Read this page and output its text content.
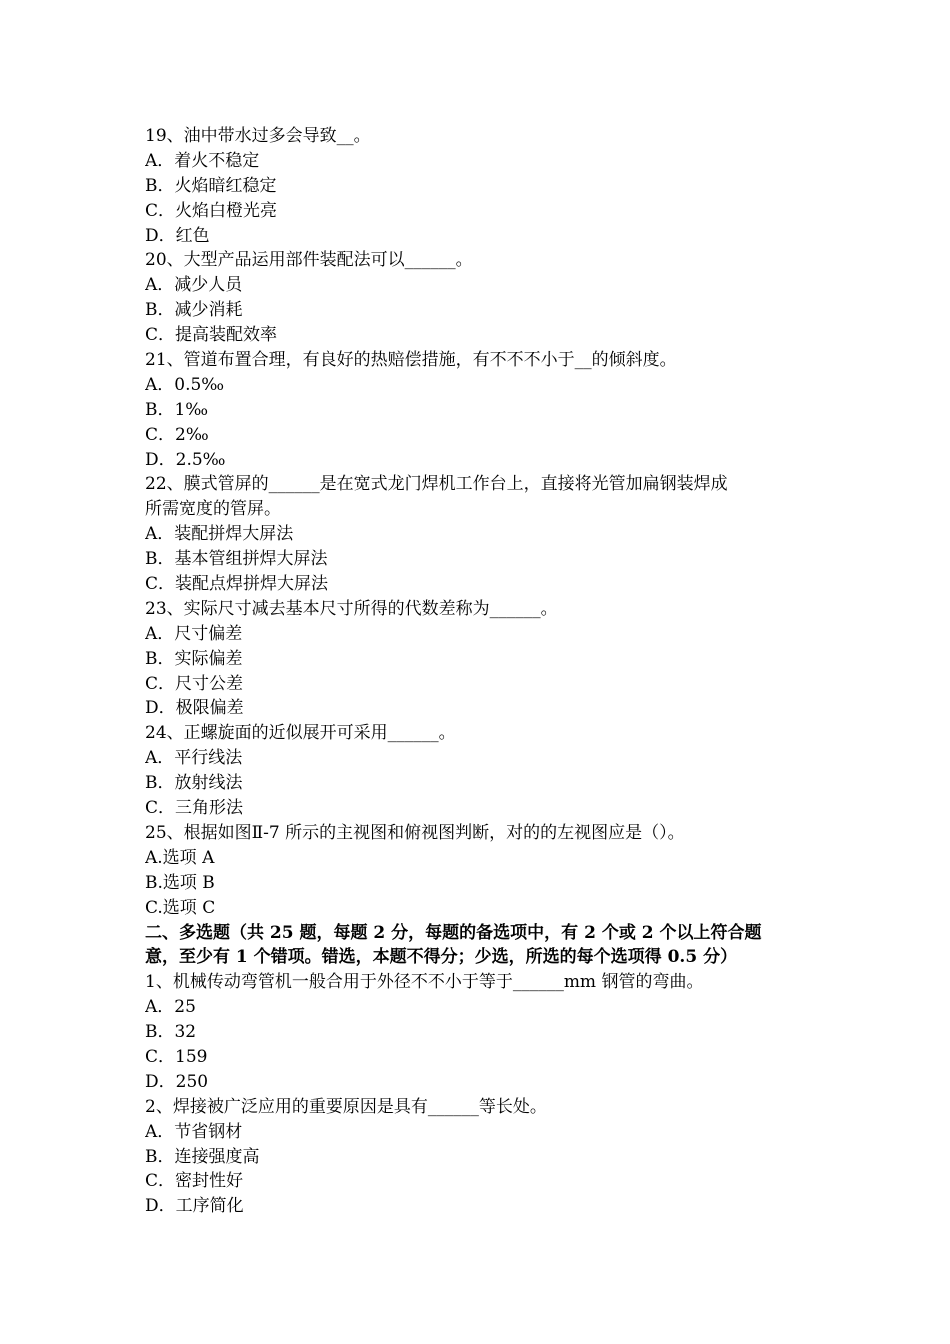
19、油中带水过多会导致__。
A．着火不稳定
B．火焰暗红稳定
C．火焰白橙光亮
D．红色
20、大型产品运用部件装配法可以______。
A．减少人员
B．减少消耗
C．提高装配效率
21、管道布置合理，有良好的热赔偿措施，有不不不小于__的倾斜度。
A．0.5‰
B．1‰
C．2‰
D．2.5‰
22、膜式管屏的______是在宽式龙门焊机工作台上，直接将光管加扁钢装焊成
所需宽度的管屏。
A．装配拼焊大屏法
B．基本管组拼焊大屏法
C．装配点焊拼焊大屏法
23、实际尺寸减去基本尺寸所得的代数差称为______。
A．尺寸偏差
B．实际偏差
C．尺寸公差
D．极限偏差
24、正螺旋面的近似展开可采用______。
A．平行线法
B．放射线法
C．三角形法
25、根据如图Ⅱ-7 所示的主视图和俯视图判断，对的的左视图应是（）。
A.选项 A
B.选项 B
C.选项 C
二、多选题（共 25 题，每题 2 分，每题的备选项中，有 2 个或 2 个以上符合题
意，至少有 1 个错项。错选，本题不得分；少选，所选的每个选项得 0.5 分）
1、机械传动弯管机一般合用于外径不不小于等于______mm 钢管的弯曲。
A．25
B．32
C．159
D．250
2、焊接被广泛应用的重要原因是具有______等长处。
A．节省钢材
B．连接强度高
C．密封性好
D．工序简化
